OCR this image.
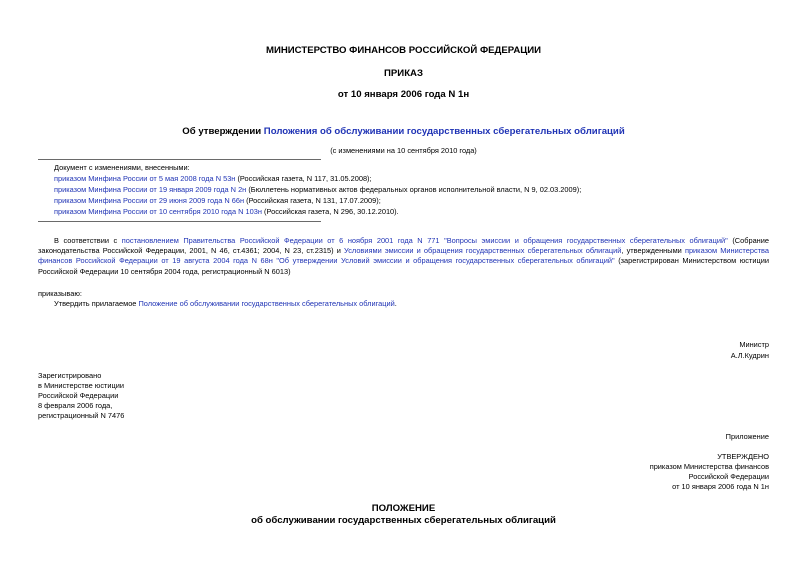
МИНИСТЕРСТВО ФИНАНСОВ РОССИЙСКОЙ ФЕДЕРАЦИИ
ПРИКАЗ
от 10 января 2006 года N 1н
Об утверждении Положения об обслуживании государственных сберегательных облигаций
(с изменениями на 10 сентября 2010 года)
Документ с изменениями, внесенными:
приказом Минфина России от 5 мая 2008 года N 53н (Российская газета, N 117, 31.05.2008);
приказом Минфина России от 19 января 2009 года N 2н (Бюллетень нормативных актов федеральных органов исполнительной власти, N 9, 02.03.2009);
приказом Минфина России от 29 июня 2009 года N 66н (Российская газета, N 131, 17.07.2009);
приказом Минфина России от 10 сентября 2010 года N 103н (Российская газета, N 296, 30.12.2010).
В соответствии с постановлением Правительства Российской Федерации от 6 ноября 2001 года N 771 "Вопросы эмиссии и обращения государственных сберегательных облигаций" (Собрание законодательства Российской Федерации, 2001, N 46, ст.4361; 2004, N 23, ст.2315) и Условиями эмиссии и обращения государственных сберегательных облигаций, утвержденными приказом Министерства финансов Российской Федерации от 19 августа 2004 года N 68н "Об утверждении Условий эмиссии и обращения государственных сберегательных облигаций" (зарегистрирован Министерством юстиции Российской Федерации 10 сентября 2004 года, регистрационный N 6013)
приказываю:
Утвердить прилагаемое Положение об обслуживании государственных сберегательных облигаций.
Министр
А.Л.Кудрин
Зарегистрировано
в Министерстве юстиции
Российской Федерации
8 февраля 2006 года,
регистрационный N 7476
Приложение
УТВЕРЖДЕНО
приказом Министерства финансов
Российской Федерации
от 10 января 2006 года N 1н
ПОЛОЖЕНИЕ
об обслуживании государственных сберегательных облигаций
